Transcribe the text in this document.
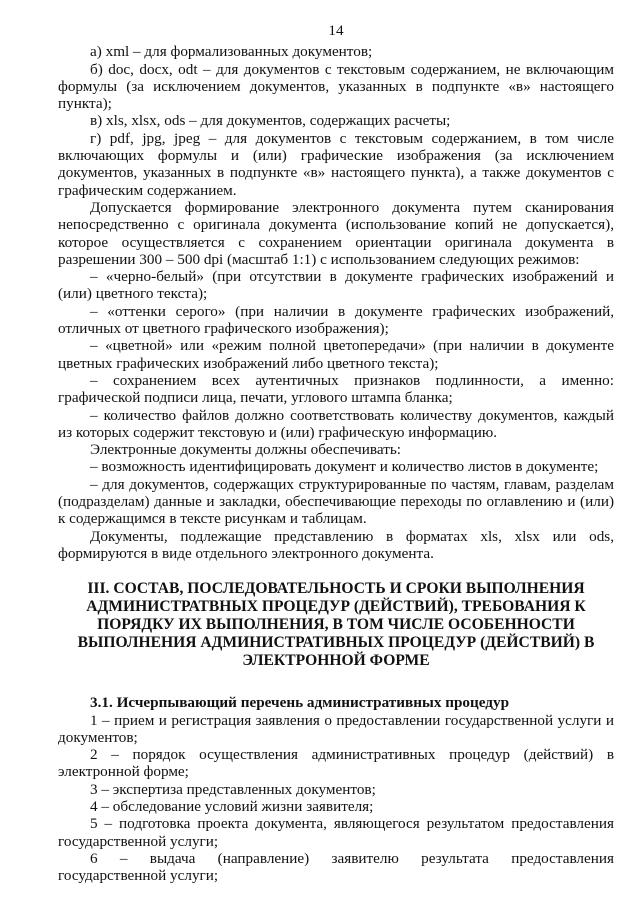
14

а) xml – для формализованных документов;

б) doc, docx, odt – для документов с текстовым содержанием, не включающим формулы (за исключением документов, указанных в подпункте «в» настоящего пункта);

в) xls, xlsx, ods – для документов, содержащих расчеты;

г) pdf, jpg, jpeg – для документов с текстовым содержанием, в том числе включающих формулы и (или) графические изображения (за исключением документов, указанных в подпункте «в» настоящего пункта), а также документов с графическим содержанием.

Допускается формирование электронного документа путем сканирования непосредственно с оригинала документа (использование копий не допускается), которое осуществляется с сохранением ориентации оригинала документа в разрешении 300 – 500 dpi (масштаб 1:1) с использованием следующих режимов:

– «черно-белый» (при отсутствии в документе графических изображений и (или) цветного текста);

– «оттенки серого» (при наличии в документе графических изображений, отличных от цветного графического изображения);

– «цветной» или «режим полной цветопередачи» (при наличии в документе цветных графических изображений либо цветного текста);

– сохранением всех аутентичных признаков подлинности, а именно: графической подписи лица, печати, углового штампа бланка;

– количество файлов должно соответствовать количеству документов, каждый из которых содержит текстовую и (или) графическую информацию.

Электронные документы должны обеспечивать:

– возможность идентифицировать документ и количество листов в документе;

– для документов, содержащих структурированные по частям, главам, разделам (подразделам) данные и закладки, обеспечивающие переходы по оглавлению и (или) к содержащимся в тексте рисункам и таблицам.

Документы, подлежащие представлению в форматах xls, xlsx или ods, формируются в виде отдельного электронного документа.

III. СОСТАВ, ПОСЛЕДОВАТЕЛЬНОСТЬ И СРОКИ ВЫПОЛНЕНИЯ
АДМИНИСТРАТВНЫХ ПРОЦЕДУР (ДЕЙСТВИЙ), ТРЕБОВАНИЯ К
ПОРЯДКУ ИХ ВЫПОЛНЕНИЯ, В ТОМ ЧИСЛЕ ОСОБЕННОСТИ
ВЫПОЛНЕНИЯ АДМИНИСТРАТИВНЫХ ПРОЦЕДУР (ДЕЙСТВИЙ) В
ЭЛЕКТРОННОЙ ФОРМЕ

3.1. Исчерпывающий перечень административных процедур

1 – прием и регистрация заявления о предоставлении государственной услуги и документов;

2 – порядок осуществления административных процедур (действий) в электронной форме;

3 – экспертиза представленных документов;

4 – обследование условий жизни заявителя;

5 – подготовка проекта документа, являющегося результатом предоставления государственной услуги;

6 – выдача (направление) заявителю результата предоставления государственной услуги;
